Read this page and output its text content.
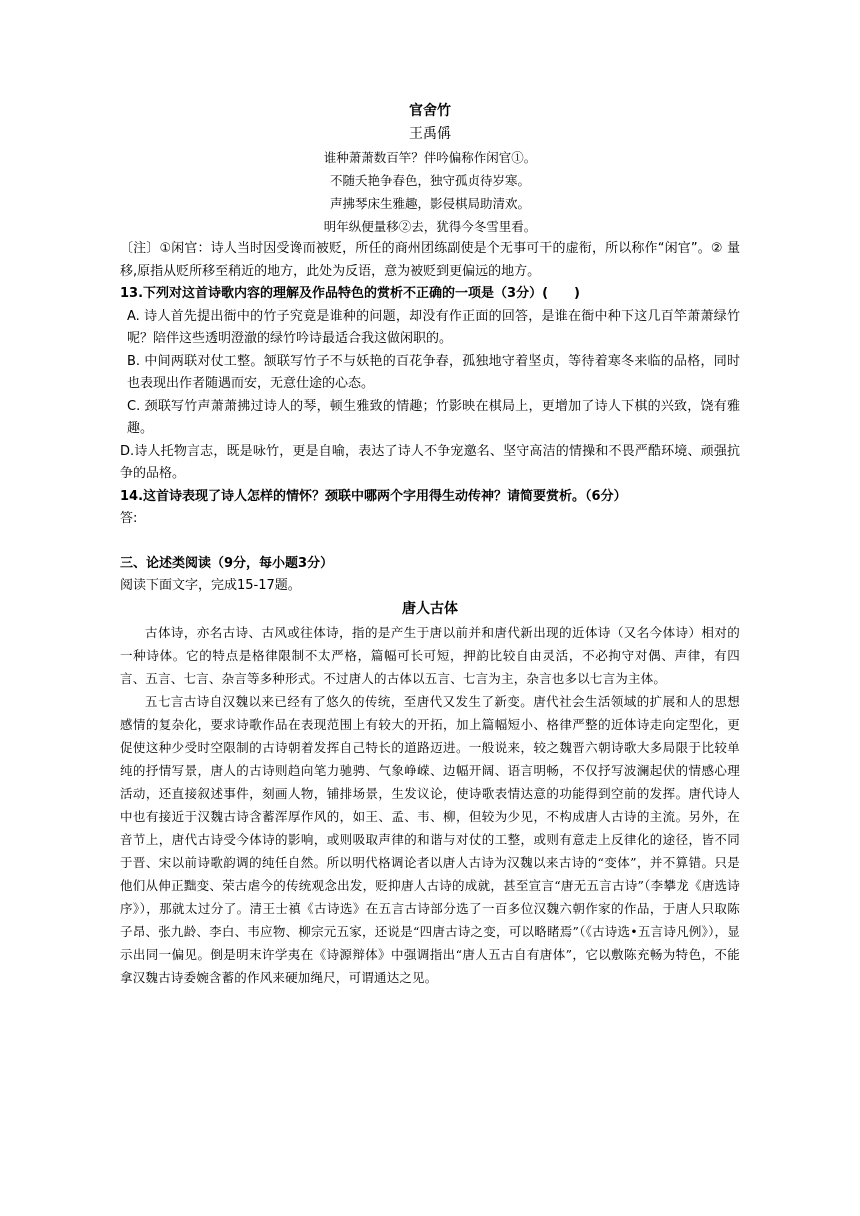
官舍竹

王禹偁

谁种萧萧数百竿？伴吟偏称作闲官①。

不随夭艳争春色，独守孤贞待岁寒。

声拂琴床生雅趣，影侵棋局助清欢。

明年纵便量移②去，犹得今冬雪里看。

〔注〕①闲官：诗人当时因受谗而被贬，所任的商州团练副使是个无事可干的虚衔，所以称作“闲官”。② 量移,原指从贬所移至稍近的地方，此处为反语，意为被贬到更偏远的地方。

13.下列对这首诗歌内容的理解及作品特色的赏析不正确的一项是（3分）(　　)

A. 诗人首先提出衙中的竹子究竟是谁种的问题，却没有作正面的回答，是谁在衙中种下这几百竿萧萧绿竹呢？陪伴这些透明澄澈的绿竹吟诗最适合我这做闲职的。

B. 中间两联对仗工整。颔联写竹子不与妖艳的百花争春，孤独地守着坚贞，等待着寒冬来临的品格，同时也表现出作者随遇而安，无意仕途的心态。

C. 颈联写竹声萧萧拂过诗人的琴，顿生雅致的情趣；竹影映在棋局上，更增加了诗人下棋的兴致，饶有雅趣。

D.诗人托物言志，既是咏竹，更是自喻，表达了诗人不争宠邀名、坚守高洁的情操和不畏严酷环境、顽强抗争的品格。

14.这首诗表现了诗人怎样的情怀？颈联中哪两个字用得生动传神？请简要赏析。（6分）

答:

三、论述类阅读（9分，每小题3分）

阅读下面文字，完成15-17题。

唐人古体

古体诗，亦名古诗、古风或往体诗，指的是产生于唐以前并和唐代新出现的近体诗（又名今体诗）相对的一种诗体。它的特点是格律限制不太严格，篇幅可长可短，押韵比较自由灵活，不必拘守对偶、声律，有四 言、五言、七言、杂言等多种形式。不过唐人的古体以五言、七言为主，杂言也多以七言为主体。

五七言古诗自汉魏以来已经有了悠久的传统，至唐代又发生了新变。唐代社会生活领域的扩展和人的思想感情的复杂化，要求诗歌作品在表现范围上有较大的开拓，加上篇幅短小、格律严整的近体诗走向定型化，更促使这种少受时空限制的古诗朝着发挥自己特长的道路迈进。一般说来，较之魏晋六朝诗歌大多局限于比较单纯的抒情写景，唐人的古诗则趋向笔力驰骋、气象峥嵘、边幅开阔、语言明畅，不仅抒写波澜起伏的情感心理活动，还直接叙述事件，刻画人物，铺排场景，生发议论，使诗歌表情达意的功能得到空前的发挥。唐代诗人中也有接近于汉魏古诗含蓄浑厚作风的，如王、孟、韦、柳，但较为少见，不构成唐人古诗的主流。另外，在音节上，唐代古诗受今体诗的影响，或则吸取声律的和谐与对仗的工整，或则有意走上反律化的途径，皆不同于晋、宋以前诗歌韵调的纯任自然。所以明代格调论者以唐人古诗为汉魏以来古诗的“变体”，并不算错。只是他们从伸正黜变、荣古虐今的传统观念出发，贬抑唐人古诗的成就，甚至宣言“唐无五言古诗”（李攀龙《唐选诗序》），那就太过分了。清王士禛《古诗选》在五言古诗部分选了一百多位汉魏六朝作家的作品，于唐人只取陈子昂、张九龄、李白、韦应物、柳宗元五家，还说是“四唐古诗之变，可以略睹焉”（《古诗选•五言诗凡例》），显示出同一偏见。倒是明末许学夷在《诗源辩体》中强调指出“唐人五古自有唐体”，它以敷陈充畅为特色，不能拿汉魏古诗委婉含蓄的作风来硬加绳尺，可谓通达之见。
